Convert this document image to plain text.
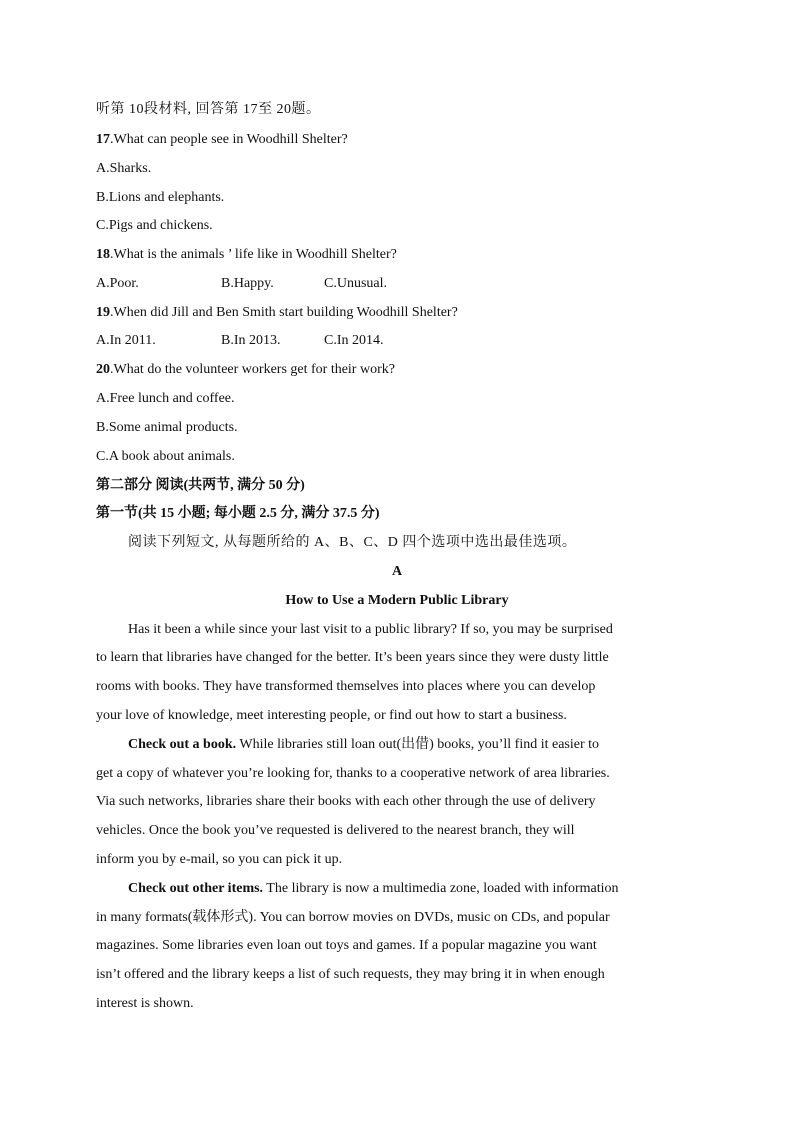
听第 10段材料, 回答第 17至 20题。
17.What can people see in Woodhill Shelter?
A.Sharks.
B.Lions and elephants.
C.Pigs and chickens.
18.What is the animals ’ life like in Woodhill Shelter?
A.Poor.	B.Happy.	C.Unusual.
19.When did Jill and Ben Smith start building Woodhill Shelter?
A.In 2011.	B.In 2013.	C.In 2014.
20.What do the volunteer workers get for their work?
A.Free lunch and coffee.
B.Some animal products.
C.A book about animals.
第二部分 阅读(共两节, 满分 50 分)
第一节(共 15 小题; 每小题 2.5 分, 满分 37.5 分)
阅读下列短文, 从每题所给的 A、B、C、D 四个选项中选出最佳选项。
A
How to Use a Modern Public Library
Has it been a while since your last visit to a public library? If so, you may be surprised
to learn that libraries have changed for the better. It’s been years since they were dusty little
rooms with books. They have transformed themselves into places where you can develop
your love of knowledge, meet interesting people, or find out how to start a business.
Check out a book. While libraries still loan out(出借) books, you’ll find it easier to
get a copy of whatever you’re looking for, thanks to a cooperative network of area libraries.
Via such networks, libraries share their books with each other through the use of delivery
vehicles. Once the book you’ve requested is delivered to the nearest branch, they will
inform you by e-mail, so you can pick it up.
Check out other items. The library is now a multimedia zone, loaded with information
in many formats(载体形式). You can borrow movies on DVDs, music on CDs, and popular
magazines. Some libraries even loan out toys and games. If a popular magazine you want
isn’t offered and the library keeps a list of such requests, they may bring it in when enough
interest is shown.
